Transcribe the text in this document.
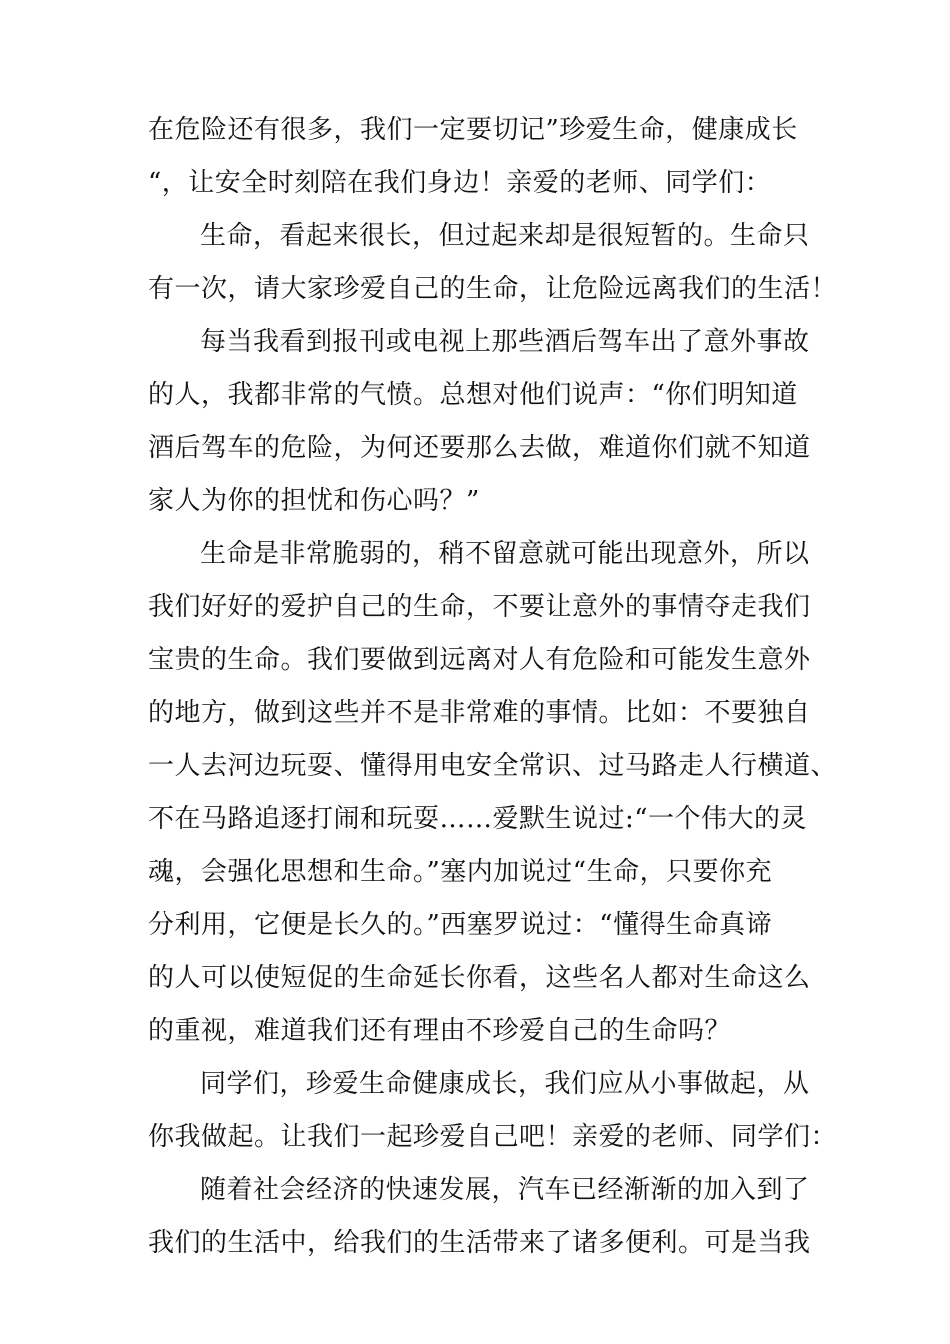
在危险还有很多，我们一定要切记”珍爱生命，健康成长
“，让安全时刻陪在我们身边！亲爱的老师、同学们：
生命，看起来很长，但过起来却是很短暂的。生命只
有一次，请大家珍爱自己的生命，让危险远离我们的生活！
每当我看到报刊或电视上那些酒后驾车出了意外事故
的人，我都非常的气愤。总想对他们说声：“你们明知道
酒后驾车的危险，为何还要那么去做，难道你们就不知道
家人为你的担忧和伤心吗？”
生命是非常脆弱的，稍不留意就可能出现意外，所以
我们好好的爱护自己的生命，不要让意外的事情夺走我们
宝贵的生命。我们要做到远离对人有危险和可能发生意外
的地方，做到这些并不是非常难的事情。比如：不要独自
一人去河边玩耍、懂得用电安全常识、过马路走人行横道、
不在马路追逐打闹和玩耍……爱默生说过:“一个伟大的灵
魂，会强化思想和生命。”塞内加说过“生命，只要你充
分利用，它便是长久的。”西塞罗说过：“懂得生命真谛
的人可以使短促的生命延长你看，这些名人都对生命这么
的重视，难道我们还有理由不珍爱自己的生命吗？
同学们，珍爱生命健康成长，我们应从小事做起，从
你我做起。让我们一起珍爱自己吧！亲爱的老师、同学们：
随着社会经济的快速发展，汽车已经渐渐的加入到了
我们的生活中，给我们的生活带来了诸多便利。可是当我
